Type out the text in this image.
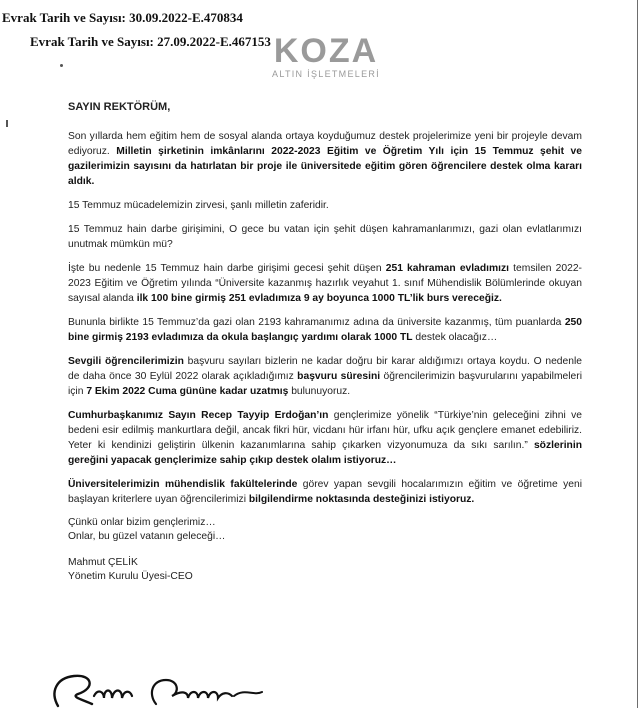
Evrak Tarih ve Sayısı: 30.09.2022-E.470834
Evrak Tarih ve Sayısı: 27.09.2022-E.467153 KOZA
ALTIN İŞLETMELERİ
SAYIN REKTÖRÜM,

Son yıllarda hem eğitim hem de sosyal alanda ortaya koyduğumuz destek projelerimize yeni bir projeyle devam ediyoruz. Milletin şirketinin imkânlarını 2022-2023 Eğitim ve Öğretim Yılı için 15 Temmuz şehit ve gazilerimizin sayısını da hatırlatan bir proje ile üniversitede eğitim gören öğrencilere destek olma kararı aldık.

15 Temmuz mücadelemizin zirvesi, şanlı milletin zaferidir.

15 Temmuz hain darbe girişimini, O gece bu vatan için şehit düşen kahramanlarımızı, gazi olan evlatlarımızı unutmak mümkün mü?

İşte bu nedenle 15 Temmuz hain darbe girişimi gecesi şehit düşen 251 kahraman evladımızı temsilen 2022-2023 Eğitim ve Öğretim yılında “Üniversite kazanmış hazırlık veyahut 1. sınıf Mühendislik Bölümlerinde okuyan sayısal alanda ilk 100 bine girmiş 251 evladımıza 9 ay boyunca 1000 TL’lik burs vereceğiz.

Bununla birlikte 15 Temmuz’da gazi olan 2193 kahramanımız adına da üniversite kazanmış, tüm puanlarda 250 bine girmiş 2193 evladımıza da okula başlangıç yardımı olarak 1000 TL destek olacağız…

Sevgili öğrencilerimizin başvuru sayıları bizlerin ne kadar doğru bir karar aldığımızı ortaya koydu. O nedenle de daha önce 30 Eylül 2022 olarak açıkladığımız başvuru süresini öğrencilerimizin başvurularını yapabilmeleri için 7 Ekim 2022 Cuma gününe kadar uzatmış bulunuyoruz.

Cumhurbaşkanımız Sayın Recep Tayyip Erdoğan’ın gençlerimize yönelik “Türkiye’nin geleceğini zihni ve bedeni esir edilmiş mankurtlara değil, ancak fikri hür, vicdanı hür irfanı hür, ufku açık gençlere emanet edebiliriz. Yeter ki kendinizi geliştirin ülkenin kazanımlarına sahip çıkarken vizyonumuza da sıkı sarılın.” sözlerinin gereğini yapacak gençlerimize sahip çıkıp destek olalım istiyoruz…

Üniversitelerimizin mühendislik fakültelerinde görev yapan sevgili hocalarımızın eğitim ve öğretime yeni başlayan kriterlere uyan öğrencilerimizi bilgilendirme noktasında desteğinizi istiyoruz.

Çünkü onlar bizim gençlerimiz…

Onlar, bu güzel vatanın geleceği…

Mahmut ÇELİK

Yönetim Kurulu Üyesi-CEO
